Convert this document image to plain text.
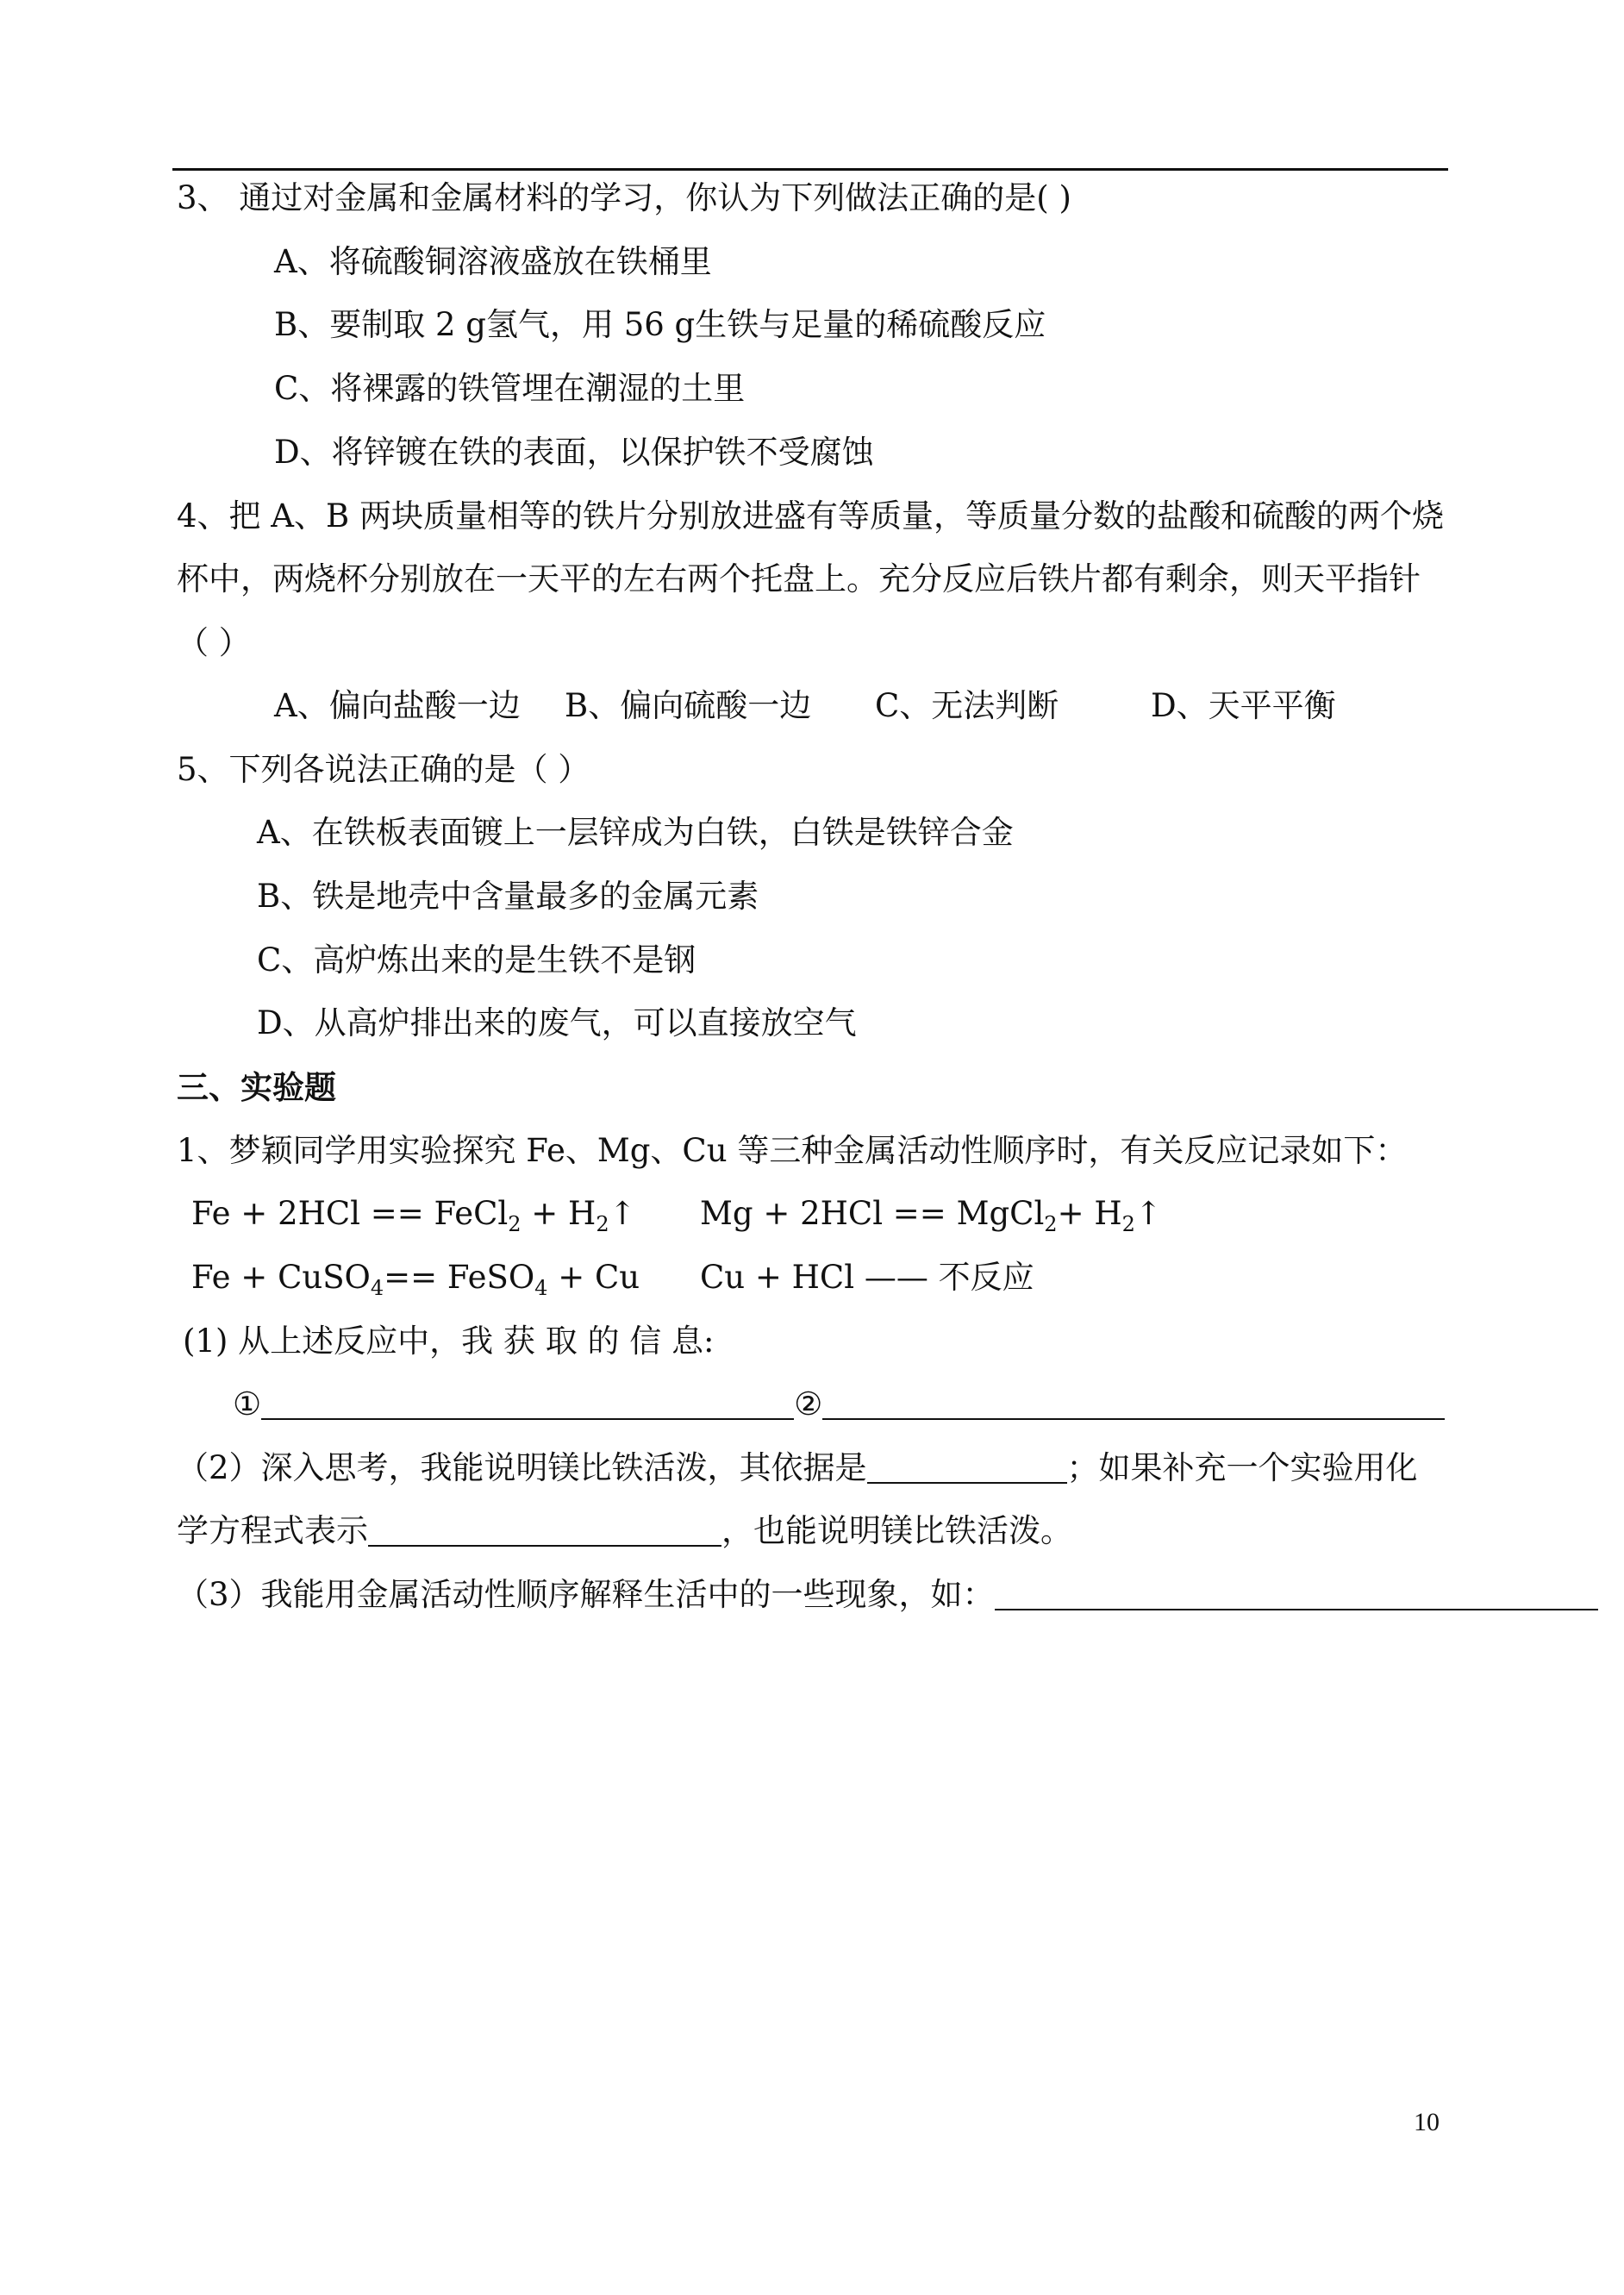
3、 通过对金属和金属材料的学习，你认为下列做法正确的是( )
A、将硫酸铜溶液盛放在铁桶里
B、要制取 2 g氢气，用 56 g生铁与足量的稀硫酸反应
C、将裸露的铁管埋在潮湿的土里
D、将锌镀在铁的表面，以保护铁不受腐蚀
4、把 A、B 两块质量相等的铁片分别放进盛有等质量，等质量分数的盐酸和硫酸的两个烧
杯中，两烧杯分别放在一天平的左右两个托盘上。充分反应后铁片都有剩余，则天平指针
（ ）
A、偏向盐酸一边 B、偏向硫酸一边 C、无法判断	D、天平平衡
5、下列各说法正确的是（ ）
A、在铁板表面镀上一层锌成为白铁，白铁是铁锌合金
B、铁是地壳中含量最多的金属元素
C、高炉炼出来的是生铁不是钢
D、从高炉排出来的废气，可以直接放空气
三、实验题
1、梦颖同学用实验探究 Fe、Mg、Cu 等三种金属活动性顺序时，有关反应记录如下：
Fe + 2HCl == FeCl$_2$ + $H_2↑$ Mg + 2HCl == MgCl$_2$+ $H_2↑$
Fe + CuSO$_4$== FeSO$_4$ + Cu Cu + HCl —— 不反应
(1) 从上述反应中，我 获 取 的 信 息:
①	②
（2）深入思考，我能说明镁比铁活泼，其依据是	；如果补充一个实验用化
学方程式表示	，也能说明镁比铁活泼。
（3）我能用金属活动性顺序解释生活中的一些现象，如：
10
